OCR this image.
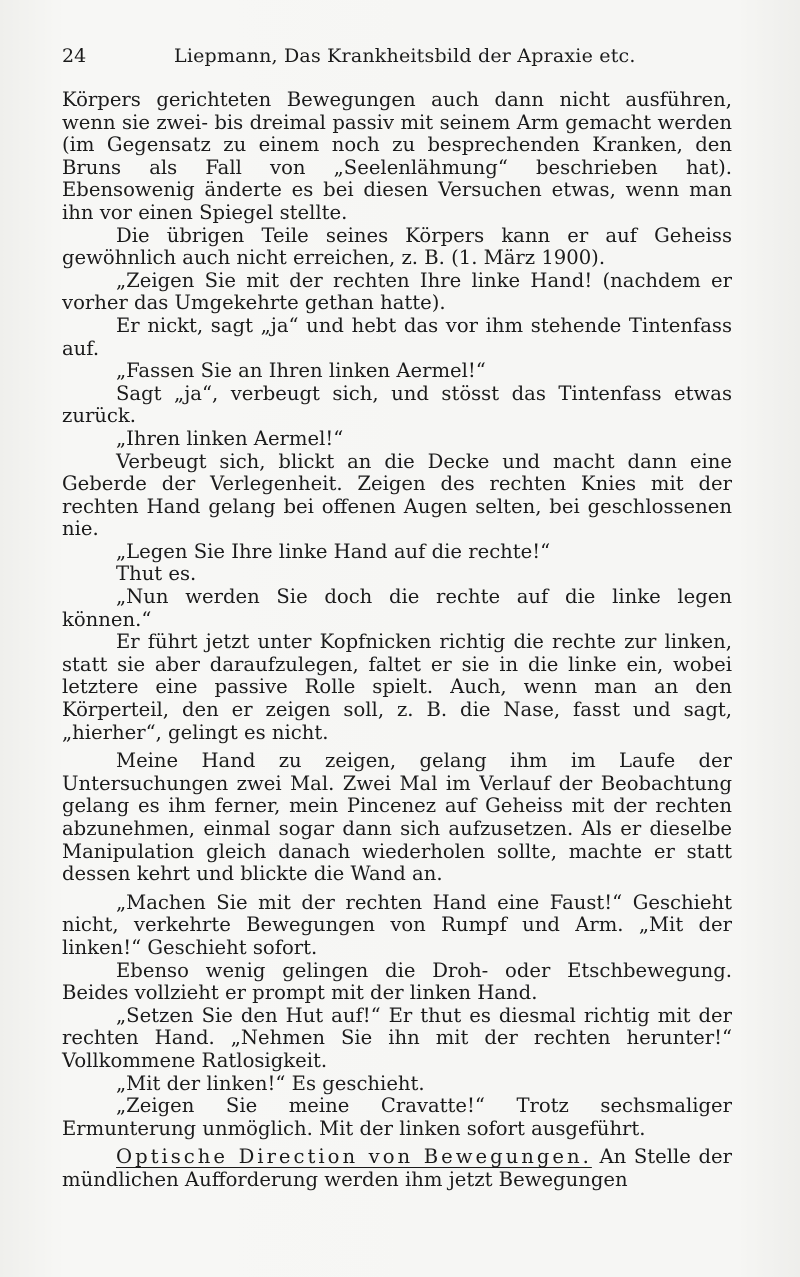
24	Liepmann, Das Krankheitsbild der Apraxie etc.

Körpers gerichteten Bewegungen auch dann nicht ausführen, wenn sie zwei- bis dreimal passiv mit seinem Arm gemacht werden (im Gegensatz zu einem noch zu besprechenden Kranken, den Bruns als Fall von „Seelenlähmung“ beschrieben hat). Ebensowenig änderte es bei diesen Versuchen etwas, wenn man ihn vor einen Spiegel stellte.

Die übrigen Teile seines Körpers kann er auf Geheiss gewöhnlich auch nicht erreichen, z. B. (1. März 1900).

„Zeigen Sie mit der rechten Ihre linke Hand! (nachdem er vorher das Umgekehrte gethan hatte).

Er nickt, sagt „ja“ und hebt das vor ihm stehende Tintenfass auf.

„Fassen Sie an Ihren linken Aermel!“

Sagt „ja“, verbeugt sich, und stösst das Tintenfass etwas zurück.

„Ihren linken Aermel!“

Verbeugt sich, blickt an die Decke und macht dann eine Geberde der Verlegenheit. Zeigen des rechten Knies mit der rechten Hand gelang bei offenen Augen selten, bei geschlossenen nie.

„Legen Sie Ihre linke Hand auf die rechte!“

Thut es.

„Nun werden Sie doch die rechte auf die linke legen können.“

Er führt jetzt unter Kopfnicken richtig die rechte zur linken, statt sie aber daraufzulegen, faltet er sie in die linke ein, wobei letztere eine passive Rolle spielt. Auch, wenn man an den Körperteil, den er zeigen soll, z. B. die Nase, fasst und sagt, „hierher“, gelingt es nicht.

Meine Hand zu zeigen, gelang ihm im Laufe der Untersuchungen zwei Mal. Zwei Mal im Verlauf der Beobachtung gelang es ihm ferner, mein Pincenez auf Geheiss mit der rechten abzunehmen, einmal sogar dann sich aufzusetzen. Als er dieselbe Manipulation gleich danach wiederholen sollte, machte er statt dessen kehrt und blickte die Wand an.

„Machen Sie mit der rechten Hand eine Faust!“ Geschieht nicht, verkehrte Bewegungen von Rumpf und Arm. „Mit der linken!“ Geschieht sofort.

Ebenso wenig gelingen die Droh- oder Etschbewegung. Beides vollzieht er prompt mit der linken Hand.

„Setzen Sie den Hut auf!“ Er thut es diesmal richtig mit der rechten Hand. „Nehmen Sie ihn mit der rechten herunter!“ Vollkommene Ratlosigkeit.

„Mit der linken!“ Es geschieht.

„Zeigen Sie meine Cravatte!“ Trotz sechsmaliger Ermunterung unmöglich. Mit der linken sofort ausgeführt.

Optische Direction von Bewegungen. An Stelle der mündlichen Aufforderung werden ihm jetzt Bewegungen
